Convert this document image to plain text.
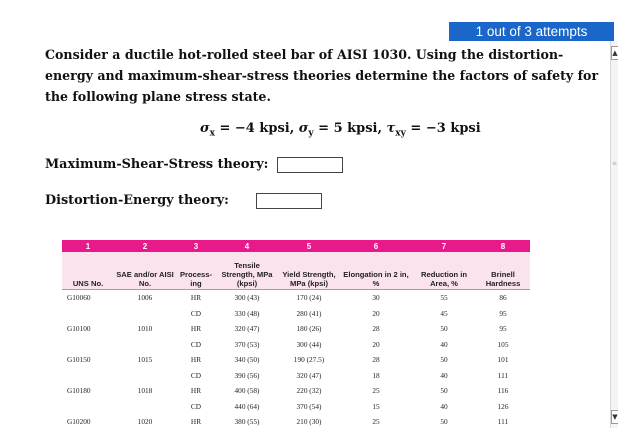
1 out of 3 attempts
▲
≡
▼
Consider a ductile hot-rolled steel bar of AISI 1030. Using the distortion-energy and maximum-shear-stress theories determine the factors of safety for the following plane stress state.
$\sigma_x = -4$ kpsi, $\sigma_y = 5$ kpsi, $\tau_{xy} = -3$ kpsi
Maximum-Shear-Stress theory:
Distortion-Energy theory:
1	2	3	4	5	6	7	8
UNS No.	SAE and/or AISI No.	Process-ing	Tensile Strength, MPa (kpsi)	Yield Strength, MPa (kpsi)	Elongation in 2 in, %	Reduction in Area, %	Brinell Hardness
G10060	1006	HR	300 (43)	170 (24)	30	55	86
		CD	330 (48)	280 (41)	20	45	95
G10100	1010	HR	320 (47)	180 (26)	28	50	95
		CD	370 (53)	300 (44)	20	40	105
G10150	1015	HR	340 (50)	190 (27.5)	28	50	101
		CD	390 (56)	320 (47)	18	40	111
G10180	1018	HR	400 (58)	220 (32)	25	50	116
		CD	440 (64)	370 (54)	15	40	126
G10200	1020	HR	380 (55)	210 (30)	25	50	111
